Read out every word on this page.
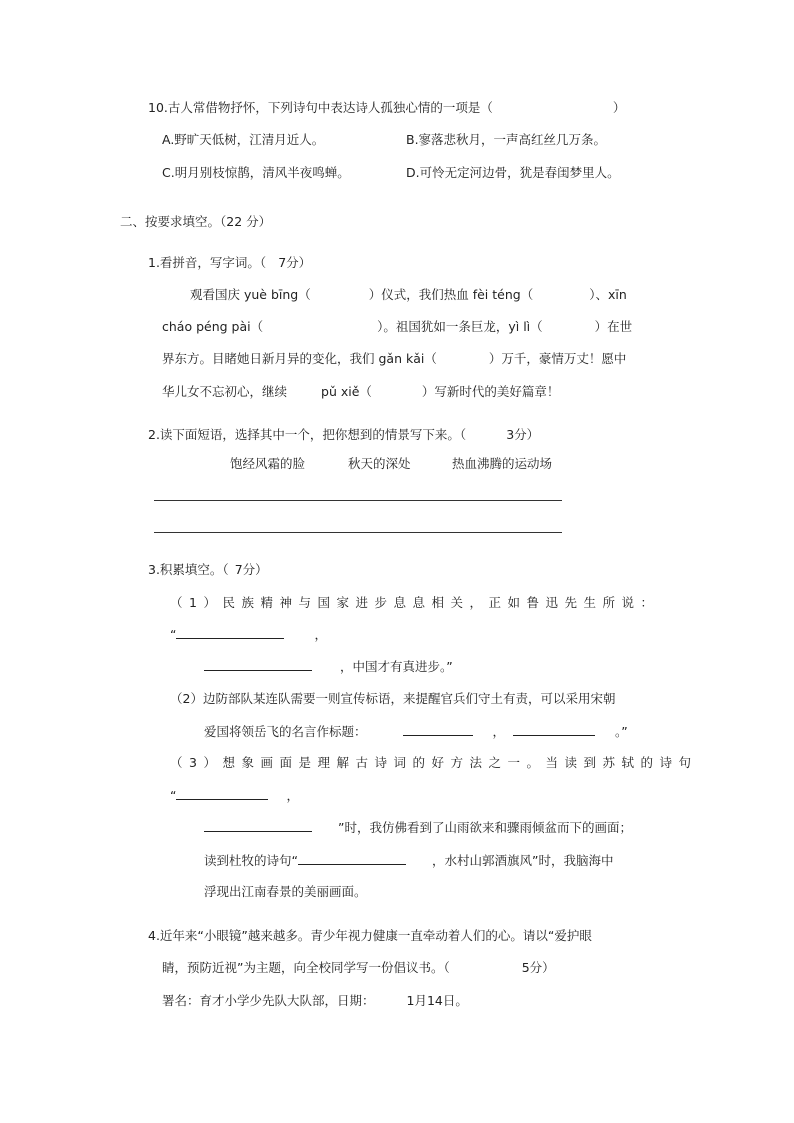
10.古人常借物抒怀，下列诗句中表达诗人孤独心情的一项是（	）
A.野旷天低树，江清月近人。	B.寥落悲秋月，一声高红丝几万条。
C.明月别枝惊鹊，清风半夜鸣蝉。	D.可怜无定河边骨，犹是春闺梦里人。
二、按要求填空。（22 分）
1.看拼音，写字词。（ 7分）
观看国庆 yuè bīng（	）仪式，我们热血 fèi téng（	）、xīn
cháo péng pài（	）。祖国犹如一条巨龙，yì lì（	）在世
界东方。目睹她日新月异的变化，我们 gǎn kǎi（	）万千，豪情万丈！愿中
华儿女不忘初心，继续	pǔ xiě（	）写新时代的美好篇章！
2.读下面短语，选择其中一个，把你想到的情景写下来。（	3分）
饱经风霜的脸	秋天的深处	热血沸腾的运动场
3.积累填空。（ 7分）
（1）民族精神与国家进步息息相关，正如鲁迅先生所说：
“	，
，中国才有真进步。”
（2）边防部队某连队需要一则宣传标语，来提醒官兵们守土有责，可以采用宋朝
爱国将领岳飞的名言作标题：	，	。”
（3）想象画面是理解古诗词的好方法之一。当读到苏轼的诗句
“	，
”时，我仿佛看到了山雨欲来和骤雨倾盆而下的画面；
读到杜牧的诗句“	，水村山郭酒旗风”时，我脑海中
浮现出江南春景的美丽画面。
4.近年来“小眼镜”越来越多。青少年视力健康一直牵动着人们的心。请以“爱护眼
睛，预防近视”为主题，向全校同学写一份倡议书。（	5分）
署名：育才小学少先队大队部，日期：	1月14日。
